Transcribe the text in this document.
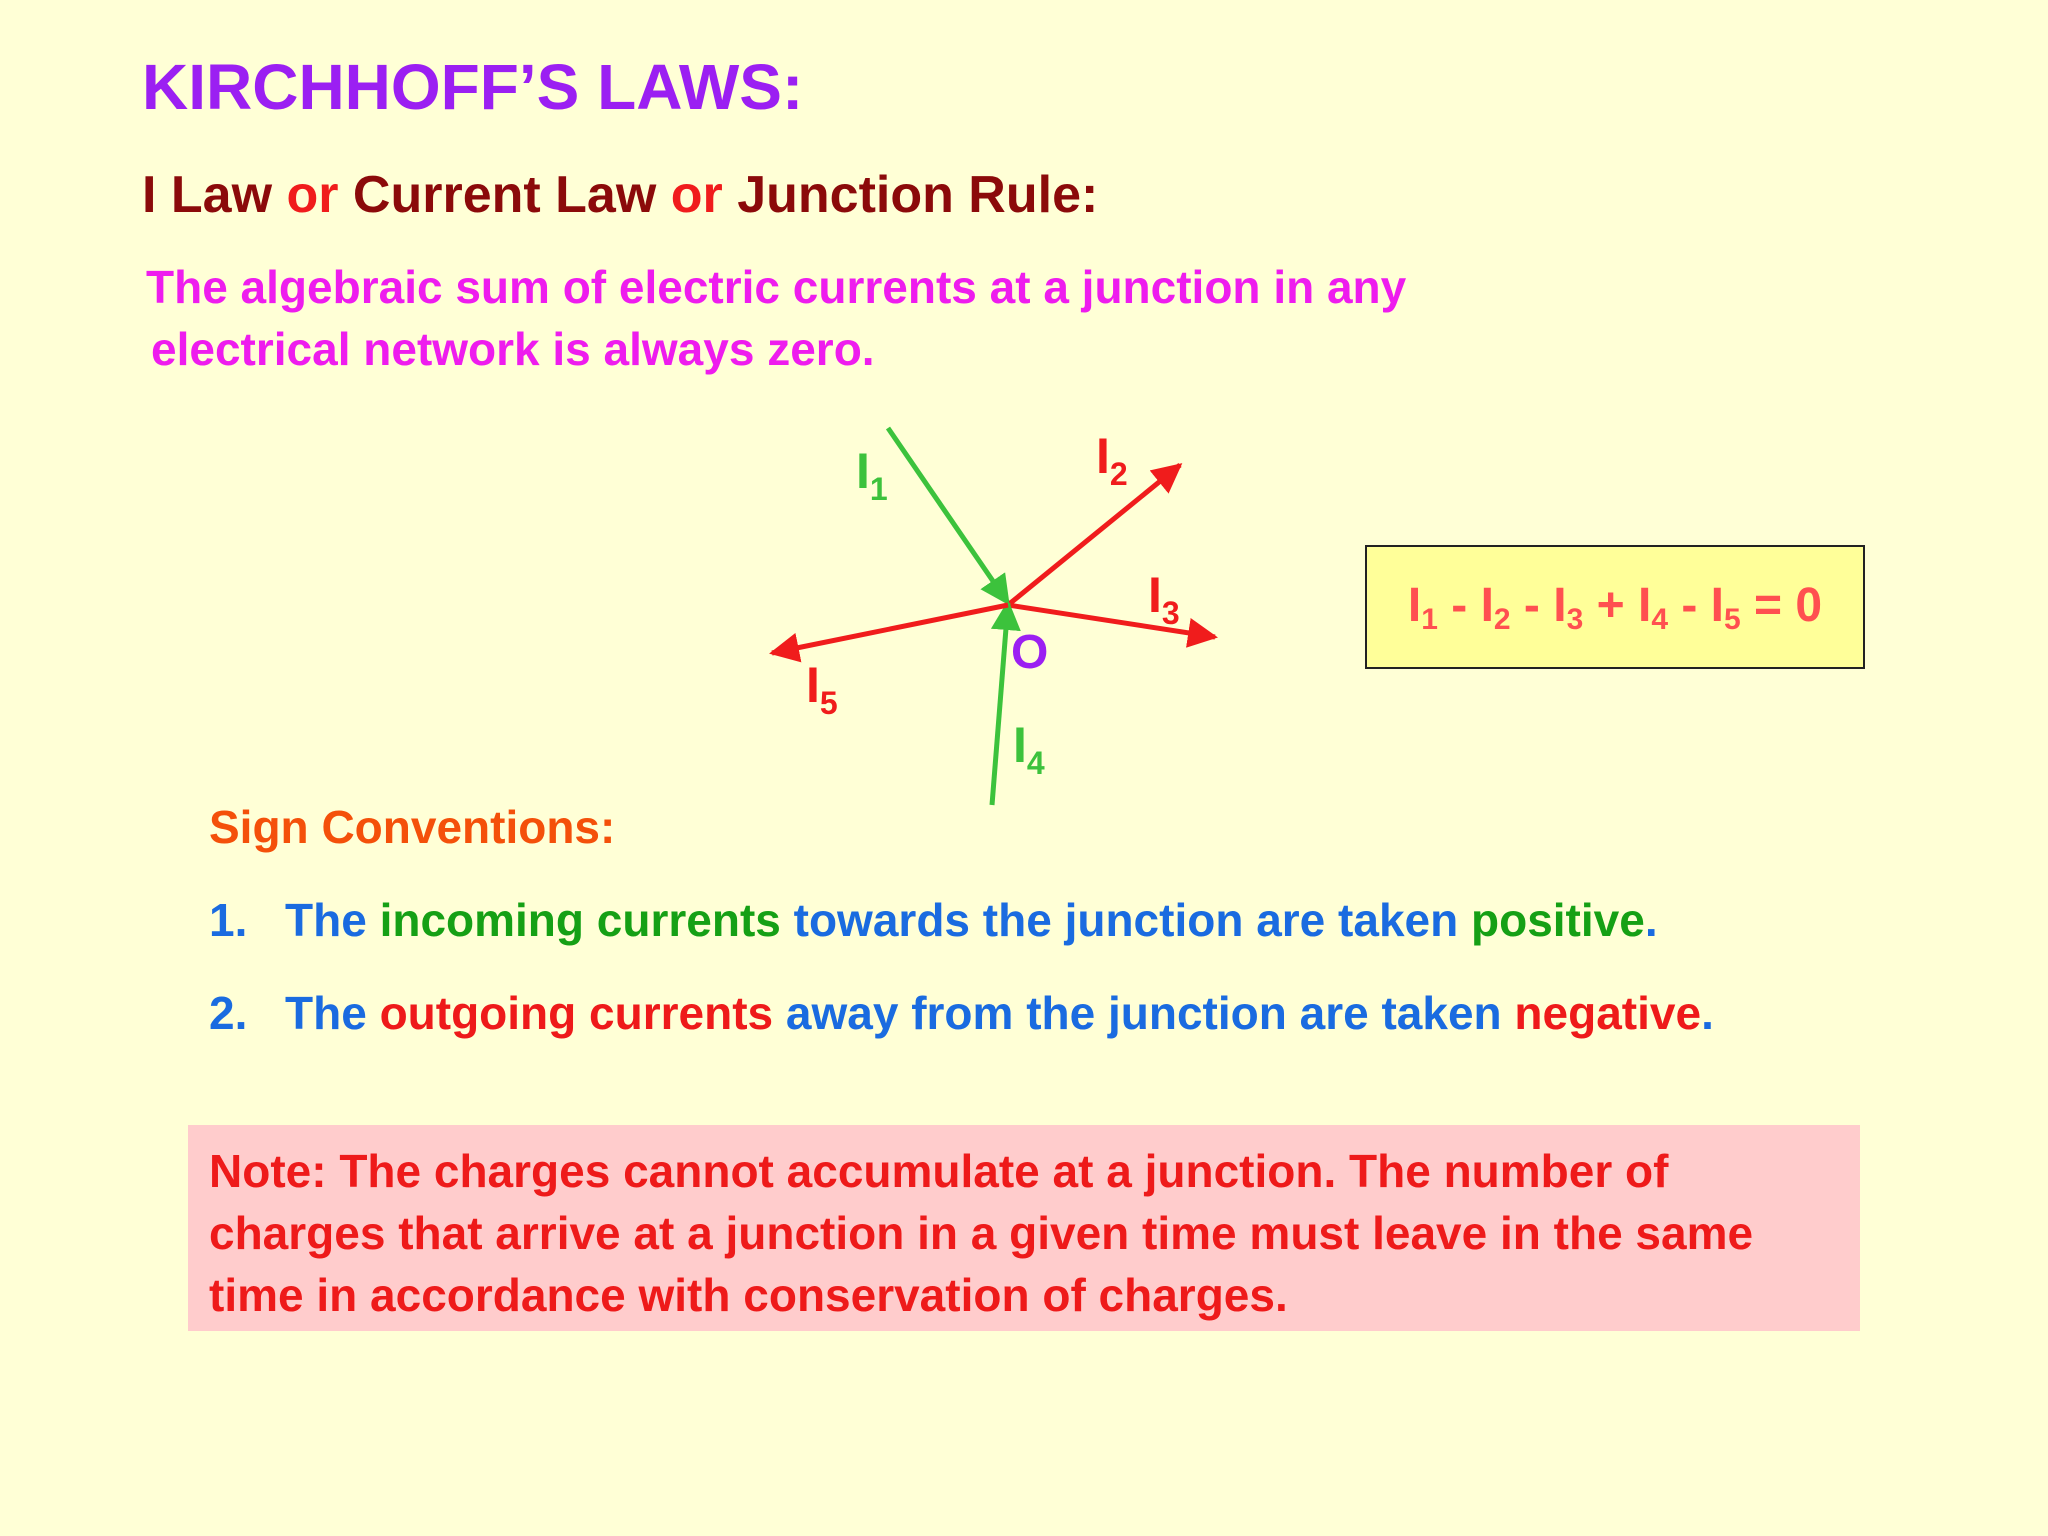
KIRCHHOFF’S LAWS:
I Law or Current Law or Junction Rule:
The algebraic sum of electric currents at a junction in any
electrical network is always zero.
$I_1$
$I_2$
$I_3$
$I_4$
$I_5$
O
$I_1 - I_2 - I_3 + I_4 - I_5 = 0$
Sign Conventions:
1. The incoming currents towards the junction are taken positive.
2. The outgoing currents away from the junction are taken negative.
Note: The charges cannot accumulate at a junction. The number of charges that arrive at a junction in a given time must leave in the same time in accordance with conservation of charges.
